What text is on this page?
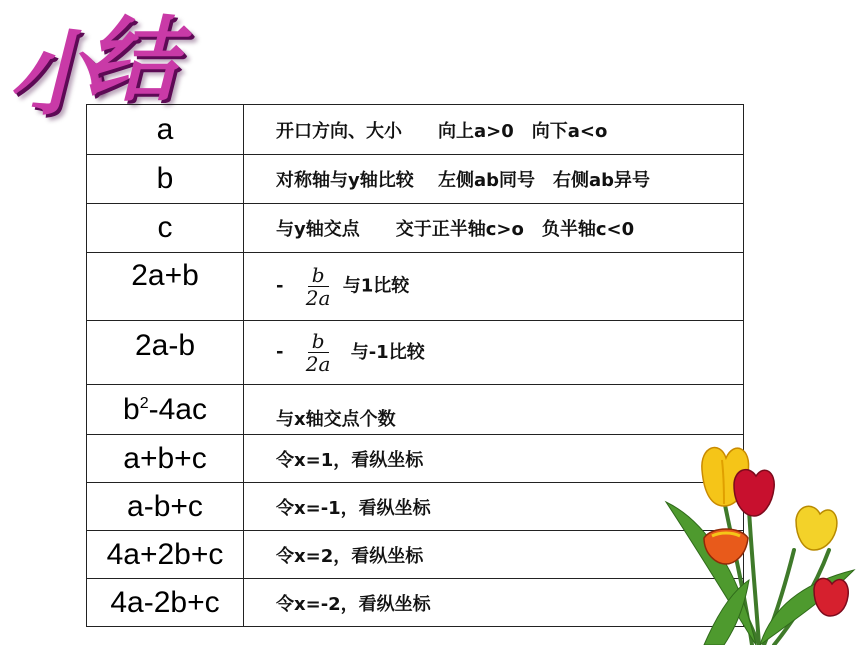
小
结
a	开口方向、大小　　向上a>0　向下a<o
b	对称轴与y轴比较　 左侧ab同号　右侧ab异号
c	与y轴交点　　交于正半轴c>o　负半轴c<0
2a+b	- $\frac{b}{2a}$ 与1比较
2a-b	- $\frac{b}{2a}$ 与-1比较
$b^2-4ac$	与x轴交点个数
a+b+c	令x=1，看纵坐标
a-b+c	令x=-1，看纵坐标
4a+2b+c	令x=2，看纵坐标
4a-2b+c	令x=-2，看纵坐标
